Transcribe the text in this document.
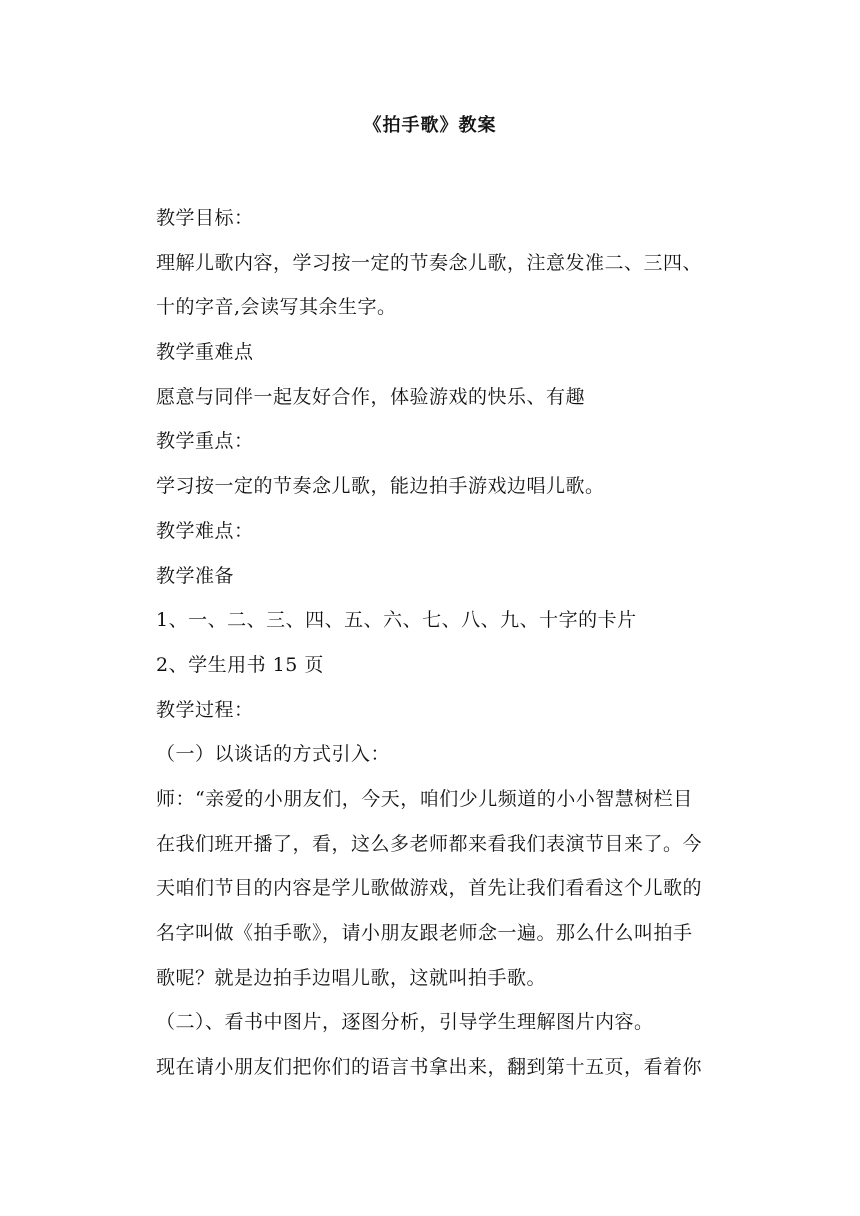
《拍手歌》教案
教学目标：
理解儿歌内容，学习按一定的节奏念儿歌，注意发准二、三四、
十的字音,会读写其余生字。
教学重难点
愿意与同伴一起友好合作，体验游戏的快乐、有趣
教学重点：
学习按一定的节奏念儿歌，能边拍手游戏边唱儿歌。
教学难点：
教学准备
1、一、二、三、四、五、六、七、八、九、十字的卡片
2、学生用书 15 页
教学过程：
（一）以谈话的方式引入：
师：“亲爱的小朋友们，今天，咱们少儿频道的小小智慧树栏目
在我们班开播了，看，这么多老师都来看我们表演节目来了。今
天咱们节目的内容是学儿歌做游戏，首先让我们看看这个儿歌的
名字叫做《拍手歌》，请小朋友跟老师念一遍。那么什么叫拍手
歌呢？就是边拍手边唱儿歌，这就叫拍手歌。
（二）、看书中图片，逐图分析，引导学生理解图片内容。
现在请小朋友们把你们的语言书拿出来，翻到第十五页，看着你
